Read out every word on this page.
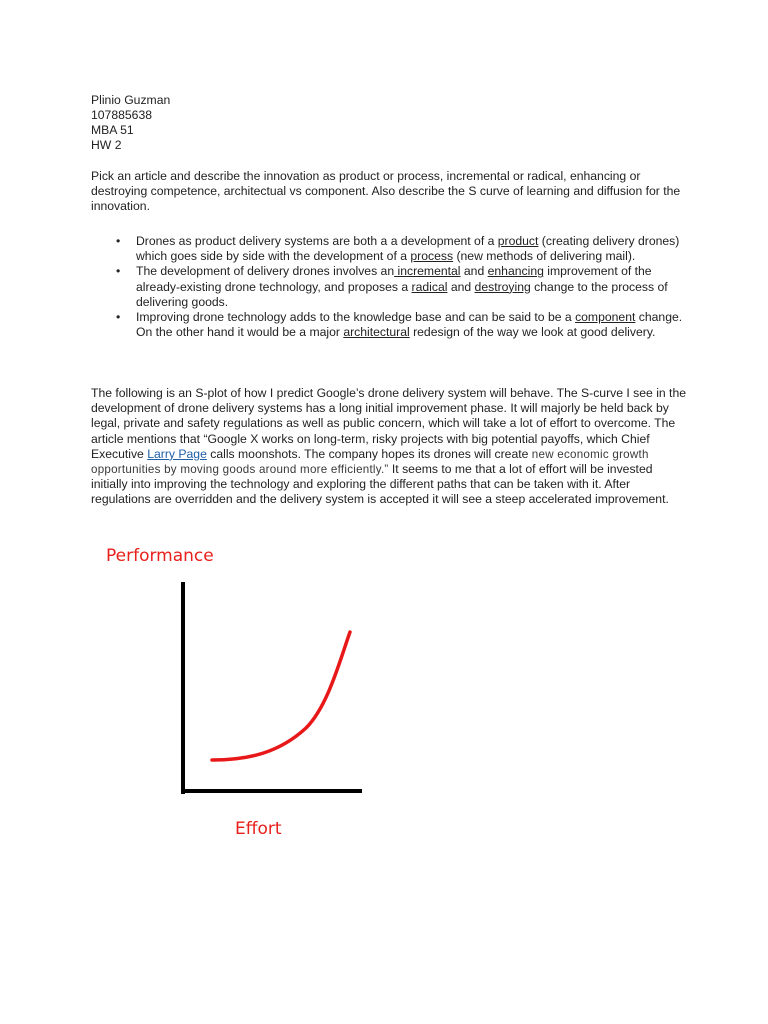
Plinio Guzman
107885638
MBA 51
HW 2

Pick an article and describe the innovation as product or process, incremental or radical, enhancing or destroying competence, architectual vs component. Also describe the S curve of learning and diffusion for the innovation.

• Drones as product delivery systems are both a a development of a product (creating delivery drones) which goes side by side with the development of a process (new methods of delivering mail).
• The development of delivery drones involves an incremental and enhancing improvement of the already-existing drone technology, and proposes a radical and destroying change to the process of delivering goods.
• Improving drone technology adds to the knowledge base and can be said to be a component change. On the other hand it would be a major architectural redesign of the way we look at good delivery.

The following is an S-plot of how I predict Google’s drone delivery system will behave. The S-curve I see in the development of drone delivery systems has a long initial improvement phase. It will majorly be held back by legal, private and safety regulations as well as public concern, which will take a lot of effort to overcome. The article mentions that “Google X works on long-term, risky projects with big potential payoffs, which Chief Executive Larry Page calls moonshots. The company hopes its drones will create new economic growth opportunities by moving goods around more efficiently.” It seems to me that a lot of effort will be invested initially into improving the technology and exploring the different paths that can be taken with it. After regulations are overridden and the delivery system is accepted it will see a steep accelerated improvement.

Performance
Effort
